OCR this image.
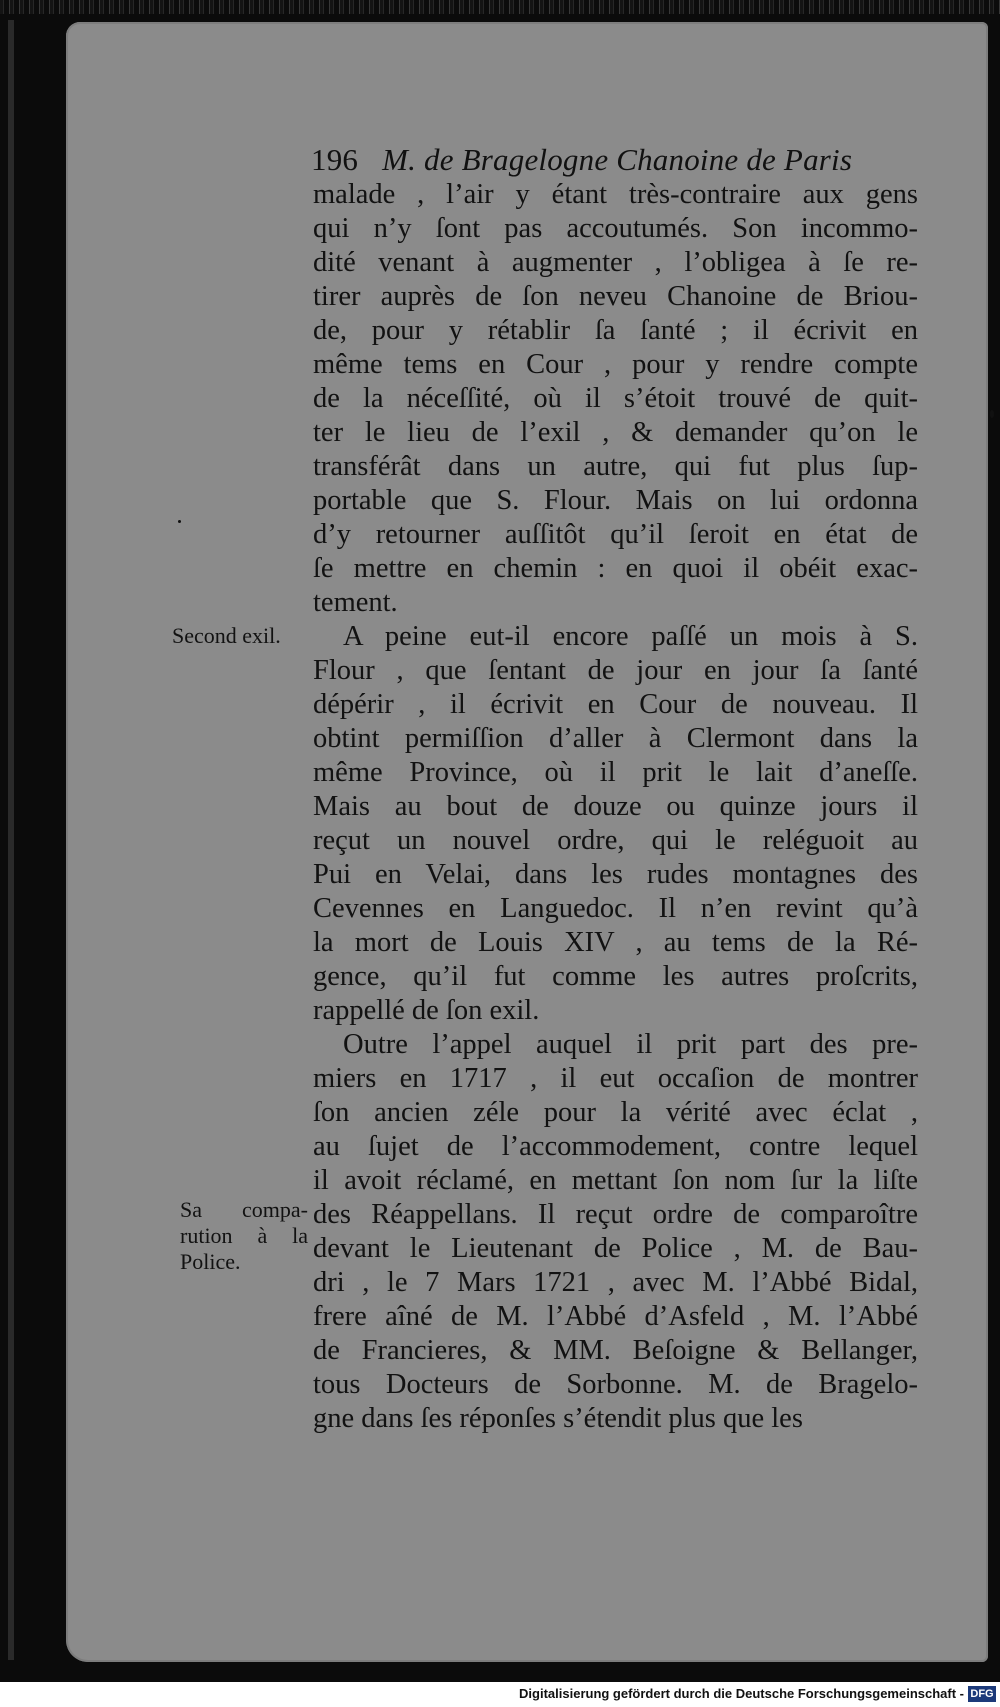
196 M. de Bragelogne Chanoine de Paris
malade , l’air y étant très-contraire aux gens
qui n’y ſont pas accoutumés. Son incommo-
dité venant à augmenter , l’obligea à ſe re-
tirer auprès de ſon neveu Chanoine de Briou-
de, pour y rétablir ſa ſanté ; il écrivit en
même tems en Cour , pour y rendre compte
de la néceſſité, où il s’étoit trouvé de quit-
ter le lieu de l’exil , & demander qu’on le
transférât dans un autre, qui fut plus ſup-
portable que S. Flour. Mais on lui ordonna
d’y retourner auſſitôt qu’il ſeroit en état de
ſe mettre en chemin : en quoi il obéit exac-
tement.
A peine eut-il encore paſſé un mois à S.
Flour , que ſentant de jour en jour ſa ſanté
dépérir , il écrivit en Cour de nouveau. Il
obtint permiſſion d’aller à Clermont dans la
même Province, où il prit le lait d’aneſſe.
Mais au bout de douze ou quinze jours il
reçut un nouvel ordre, qui le reléguoit au
Pui en Velai, dans les rudes montagnes des
Cevennes en Languedoc. Il n’en revint qu’à
la mort de Louis XIV , au tems de la Ré-
gence, qu’il fut comme les autres proſcrits,
rappellé de ſon exil.
Outre l’appel auquel il prit part des pre-
miers en 1717 , il eut occaſion de montrer
ſon ancien zéle pour la vérité avec éclat ,
au ſujet de l’accommodement, contre lequel
il avoit réclamé, en mettant ſon nom ſur la liſte
des Réappellans. Il reçut ordre de comparoître
devant le Lieutenant de Police , M. de Bau-
dri , le 7 Mars 1721 , avec M. l’Abbé Bidal,
frere aîné de M. l’Abbé d’Asfeld , M. l’Abbé
de Francieres, & MM. Beſoigne & Bellanger,
tous Docteurs de Sorbonne. M. de Bragelo-
gne dans ſes réponſes s’étendit plus que les
Second exil.
Sa compa-
rution à la
Police.
Digitalisierung gefördert durch die Deutsche Forschungsgemeinschaft - DFG
